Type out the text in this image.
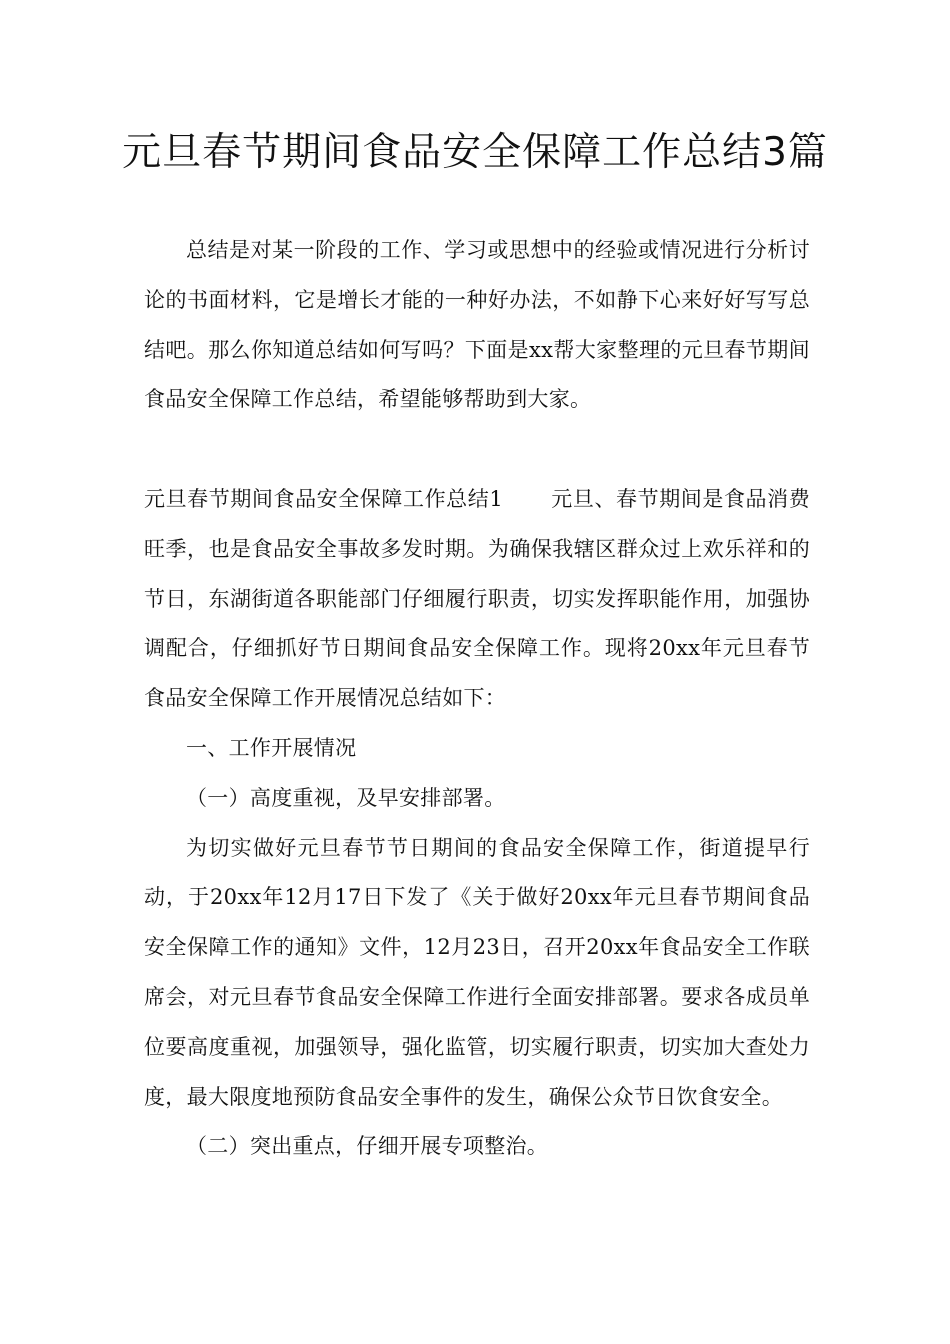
元旦春节期间食品安全保障工作总结3篇

总结是对某一阶段的工作、学习或思想中的经验或情况进行分析讨论的书面材料，它是增长才能的一种好办法，不如静下心来好好写写总结吧。那么你知道总结如何写吗？下面是xx帮大家整理的元旦春节期间食品安全保障工作总结，希望能够帮助到大家。

元旦春节期间食品安全保障工作总结1 元旦、春节期间是食品消费旺季，也是食品安全事故多发时期。为确保我辖区群众过上欢乐祥和的节日，东湖街道各职能部门仔细履行职责，切实发挥职能作用，加强协调配合，仔细抓好节日期间食品安全保障工作。现将20xx年元旦春节食品安全保障工作开展情况总结如下：

一、工作开展情况

（一）高度重视，及早安排部署。

为切实做好元旦春节节日期间的食品安全保障工作，街道提早行动，于20xx年12月17日下发了《关于做好20xx年元旦春节期间食品安全保障工作的通知》文件，12月23日，召开20xx年食品安全工作联席会，对元旦春节食品安全保障工作进行全面安排部署。要求各成员单位要高度重视，加强领导，强化监管，切实履行职责，切实加大查处力度，最大限度地预防食品安全事件的发生，确保公众节日饮食安全。

（二）突出重点，仔细开展专项整治。
